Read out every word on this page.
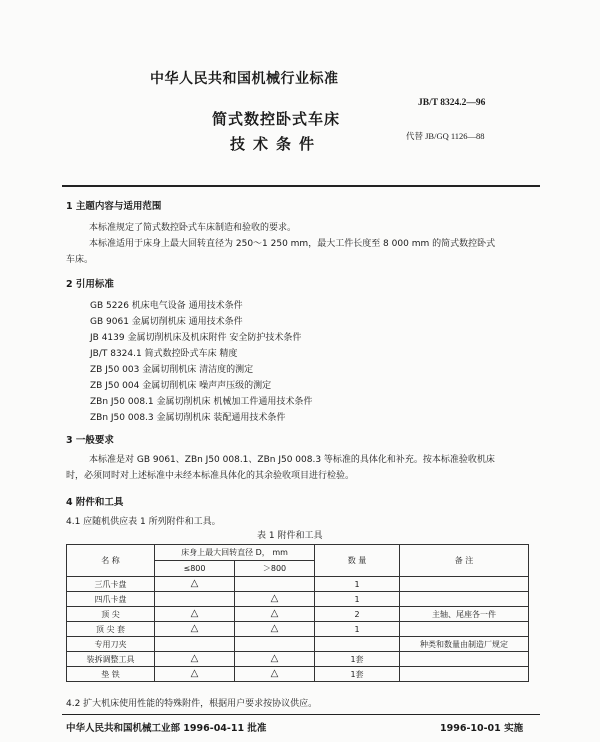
中华人民共和国机械行业标准
JB/T 8324.2—96
简式数控卧式车床
技术条件	代替 JB/GQ 1126—88
1 主题内容与适用范围
本标准规定了简式数控卧式车床制造和验收的要求。
本标准适用于床身上最大回转直径为 250～1 250 mm，最大工件长度至 8 000 mm 的简式数控卧式
车床。
2 引用标准
GB 5226 机床电气设备 通用技术条件
GB 9061 金属切削机床 通用技术条件
JB 4139 金属切削机床及机床附件 安全防护技术条件
JB/T 8324.1 简式数控卧式车床 精度
ZB J50 003 金属切削机床 清洁度的测定
ZB J50 004 金属切削机床 噪声声压级的测定
ZBn J50 008.1 金属切削机床 机械加工件通用技术条件
ZBn J50 008.3 金属切削机床 装配通用技术条件
3 一般要求
本标准是对 GB 9061、ZBn J50 008.1、ZBn J50 008.3 等标准的具体化和补充。按本标准验收机床
时，必须同时对上述标准中未经本标准具体化的其余验收项目进行检验。
4 附件和工具
4.1 应随机供应表 1 所列附件和工具。
表 1 附件和工具
名 称	床身上最大回转直径 D， mm		数 量	备 注
	≤800	＞800		
三爪卡盘	△		1	
四爪卡盘		△	1	
顶 尖	△	△	2	主轴、尾座各一件
顶 尖 套	△	△	1	
专用刀夹				种类和数量由制造厂规定
装拆调整工具	△	△	1套	
垫 铁	△	△	1套	
4.2 扩大机床使用性能的特殊附件，根据用户要求按协议供应。
中华人民共和国机械工业部 1996-04-11 批准	1996-10-01 实施
